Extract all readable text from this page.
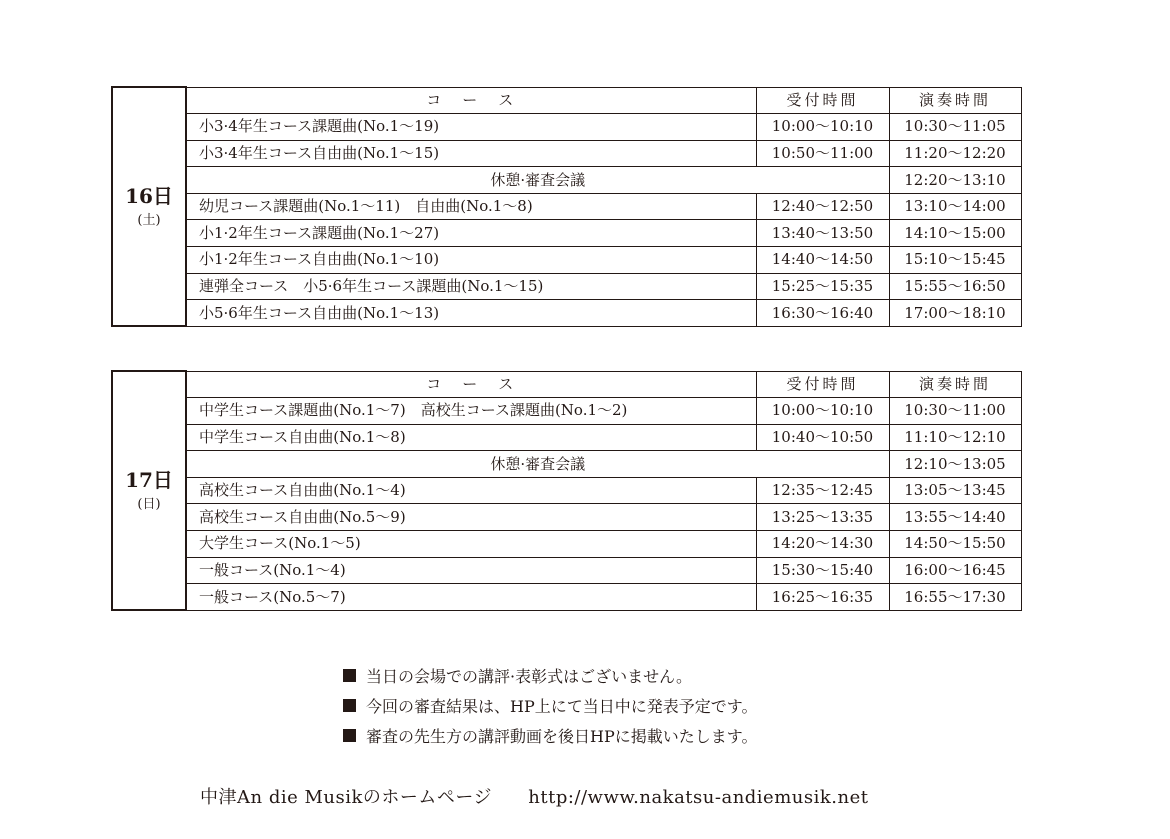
16日
(土)	コ　ー　ス	受付時間	演奏時間
	小3·4年生コース課題曲(No.1〜19)	10:00〜10:10	10:30〜11:05
	小3·4年生コース自由曲(No.1〜15)	10:50〜11:00	11:20〜12:20
	休憩·審査会議		12:20〜13:10
	幼児コース課題曲(No.1〜11)　自由曲(No.1〜8)	12:40〜12:50	13:10〜14:00
	小1·2年生コース課題曲(No.1〜27)	13:40〜13:50	14:10〜15:00
	小1·2年生コース自由曲(No.1〜10)	14:40〜14:50	15:10〜15:45
	連弾全コース　小5·6年生コース課題曲(No.1〜15)	15:25〜15:35	15:55〜16:50
	小5·6年生コース自由曲(No.1〜13)	16:30〜16:40	17:00〜18:10
17日
(日)	コ　ー　ス	受付時間	演奏時間
	中学生コース課題曲(No.1〜7)　高校生コース課題曲(No.1〜2)	10:00〜10:10	10:30〜11:00
	中学生コース自由曲(No.1〜8)	10:40〜10:50	11:10〜12:10
	休憩·審査会議		12:10〜13:05
	高校生コース自由曲(No.1〜4)	12:35〜12:45	13:05〜13:45
	高校生コース自由曲(No.5〜9)	13:25〜13:35	13:55〜14:40
	大学生コース(No.1〜5)	14:20〜14:30	14:50〜15:50
	一般コース(No.1〜4)	15:30〜15:40	16:00〜16:45
	一般コース(No.5〜7)	16:25〜16:35	16:55〜17:30
当日の会場での講評·表彰式はございません。
今回の審査結果は、HP上にて当日中に発表予定です。
審査の先生方の講評動画を後日HPに掲載いたします。
中津An die Musikのホームページ http://www.nakatsu-andiemusik.net
